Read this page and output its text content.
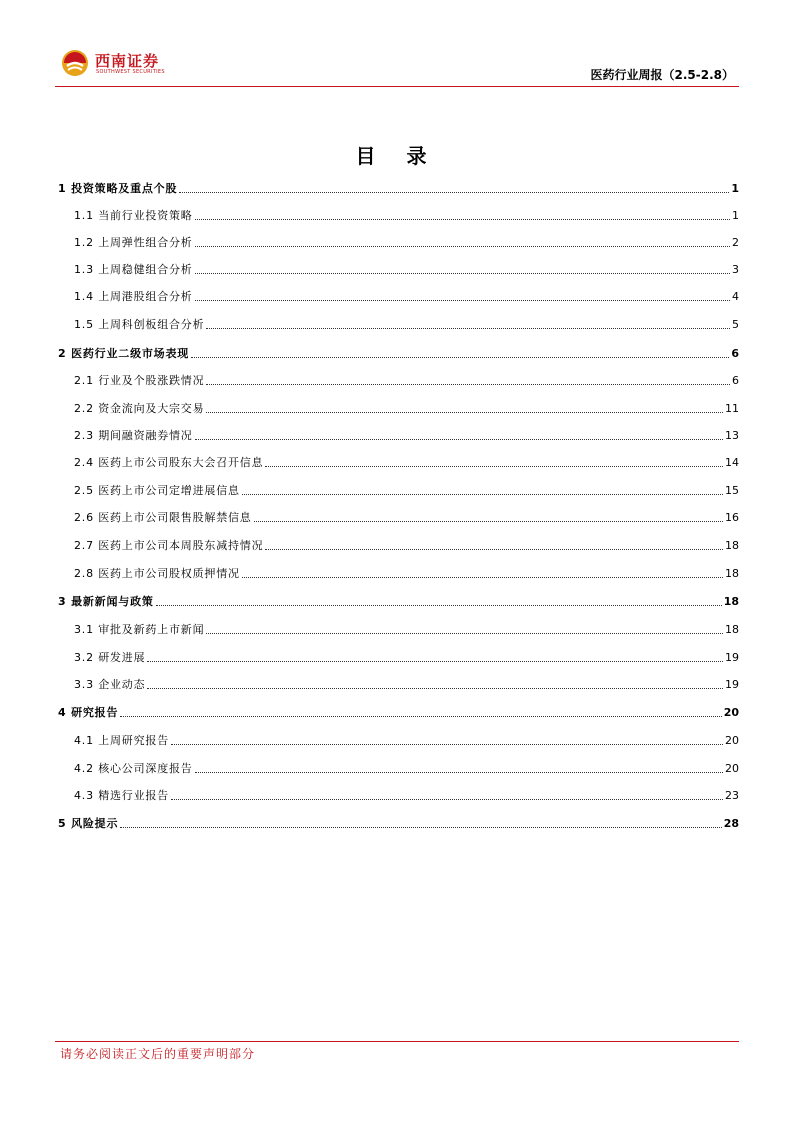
西南证券
SOUTHWEST SECURITIES	医药行业周报（2.5-2.8）
目 录
1 投资策略及重点个股	1
1.1 当前行业投资策略	1
1.2 上周弹性组合分析	2
1.3 上周稳健组合分析	3
1.4 上周港股组合分析	4
1.5 上周科创板组合分析	5
2 医药行业二级市场表现	6
2.1 行业及个股涨跌情况	6
2.2 资金流向及大宗交易	11
2.3 期间融资融券情况	13
2.4 医药上市公司股东大会召开信息	14
2.5 医药上市公司定增进展信息	15
2.6 医药上市公司限售股解禁信息	16
2.7 医药上市公司本周股东减持情况	18
2.8 医药上市公司股权质押情况	18
3 最新新闻与政策	18
3.1 审批及新药上市新闻	18
3.2 研发进展	19
3.3 企业动态	19
4 研究报告	20
4.1 上周研究报告	20
4.2 核心公司深度报告	20
4.3 精选行业报告	23
5 风险提示	28
请务必阅读正文后的重要声明部分
